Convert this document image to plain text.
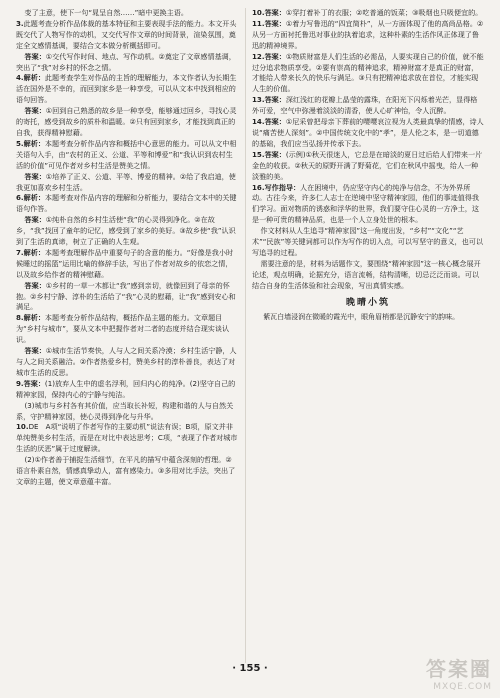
变了主意，使下一句“晁呈自然……”暗中更换主语。

3.此题考查分析作品体裁的基本特征和主要表现手法的能力。本文开头既交代了人物写作的动机，又交代写作文章的时间背景，渲染氛围，奠定全文感情基调，要结合文本做分析概括即可。

答案：①交代写作时间、地点、写作动机。②奠定了文章感情基调，突出了“我”对乡村的怀念之情。

4.解析：此题考查学生对作品的主旨的理解能力，本文作者认为长期生活在国外是不幸的，而回到家乡是一种享受，可以从文本中找到相应的语句回答。

答案：①回到自己熟悉的故乡是一种享受，能够通过回乡，寻找心灵的寄托，感受到故乡的质朴和温暖。②只有回到家乡，才能找到真正的自我，获得精神慰藉。

5.解析：本题考查分析作品内容和概括中心意思的能力。可以从文中相关语句入手，由“农村的正义、公道、平等和博爱”和“我认识到农村生活的价值”可见作者对乡村生活是赞美之情。

答案：①培养了正义、公道、平等、博爱的精神。②给了我启迪，使我更加喜欢乡村生活。

6.解析：本题考查对作品内容的理解和分析能力，要结合文本中的关键语句作答。

答案：①纯朴自然的乡村生活使“我”的心灵得到净化。②在故乡，“我”找回了童年的记忆，感受到了家乡的美好。③故乡使“我”认识到了生活的真谛，树立了正确的人生观。

7.解析：本题考查理解作品中重要句子的含意的能力。“好像是我小时候睡过的摇篮”运用比喻的修辞手法，写出了作者对故乡的依恋之情，以及故乡给作者的精神慰藉。

答案：①乡村的一草一木都让“我”感到亲切，就像回到了母亲的怀抱。②乡村宁静、淳朴的生活给了“我”心灵的慰藉，让“我”感到安心和满足。

8.解析：本题考查分析作品结构，概括作品主题的能力。文章题目为“乡村与城市”，要从文本中把握作者对二者的态度并结合现实谈认识。

答案：①城市生活节奏快，人与人之间关系冷漠；乡村生活宁静，人与人之间关系融洽。②作者热爱乡村，赞美乡村的淳朴善良，表达了对城市生活的反思。

9.答案：(1)放弃人生中的虚名浮利，回归内心的纯净。(2)坚守自己的精神家园，保持内心的宁静与纯洁。

(3)城市与乡村各有其价值，应当取长补短，构建和谐的人与自然关系，守护精神家园，使心灵得到净化与升华。

10.DE　A项“说明了作者写作的主要动机”说法有误；B项，原文并非单纯赞美乡村生活，而是在对比中表达思考；C项，“表现了作者对城市生活的厌恶”属于过度解读。

(2)①作者善于捕捉生活细节，在平凡的描写中蕴含深刻的哲理。②语言朴素自然，情感真挚动人，富有感染力。③多用对比手法，突出了文章的主题，使文章意蕴丰富。

10.答案：①穿打着补丁的衣服；②吃普通的饭菜；③吸烟也只吸便宜的。

11.答案：①着力写鲁迅的“四宜简朴”，从一方面体现了他的高尚品格。②从另一方面衬托鲁迅对事业的执着追求，这种朴素的生活作风正体现了鲁迅的精神境界。

12.答案：①物质财富是人们生活的必需品，人要实现自己的价值，就不能过分追求物质享受。②要有崇高的精神追求，精神财富才是真正的财富，才能给人带来长久的快乐与满足。③只有把精神追求放在首位，才能实现人生的价值。

13.答案：深红浅红的花瓣上晶莹的露珠，在阳光下闪烁着光芒，显得格外可爱，空气中弥漫着淡淡的清香，使人心旷神怡，令人沉醉。

14.答案：①尼采曾把母亲下葬前的嘤嘤哀泣视为人类最真挚的情感，诗人说“痛苦使人深刻”。②中国传统文化中的“孝”，是人伦之本，是一切道德的基础，我们应当弘扬并传承下去。

15.答案：(示例)①秋天很迷人，它总是在暗淡的夏日过后给人们带来一片金色的收获。②秋天的原野开满了野菊花，它们在秋风中摇曳，给人一种淡雅的美。

16.写作指导：人在困境中，仍应坚守内心的纯净与信念，不为外界所动。古往今来，许多仁人志士在逆境中坚守精神家园，他们的事迹值得我们学习。面对物质的诱惑和浮华的世界，我们要守住心灵的一方净土，这是一种可贵的精神品质，也是一个人立身处世的根本。

作文材料从人生追寻“精神家园”这一角度出发，“乡村”“文化”“艺术”“民族”等关键词都可以作为写作的切入点，可以写坚守的意义，也可以写追寻的过程。

需要注意的是，材料为话题作文，要围绕“精神家园”这一核心概念展开论述，观点明确，论据充分，语言流畅，结构清晰，切忌泛泛而谈。可以结合自身的生活体验和社会现象，写出真情实感。

晚晴小筑

紫瓦白墙浸润在微暖的霞光中，眼角眉梢都是沉静安宁的韵味。

· 155 ·	答案圈
MXQE.COM
